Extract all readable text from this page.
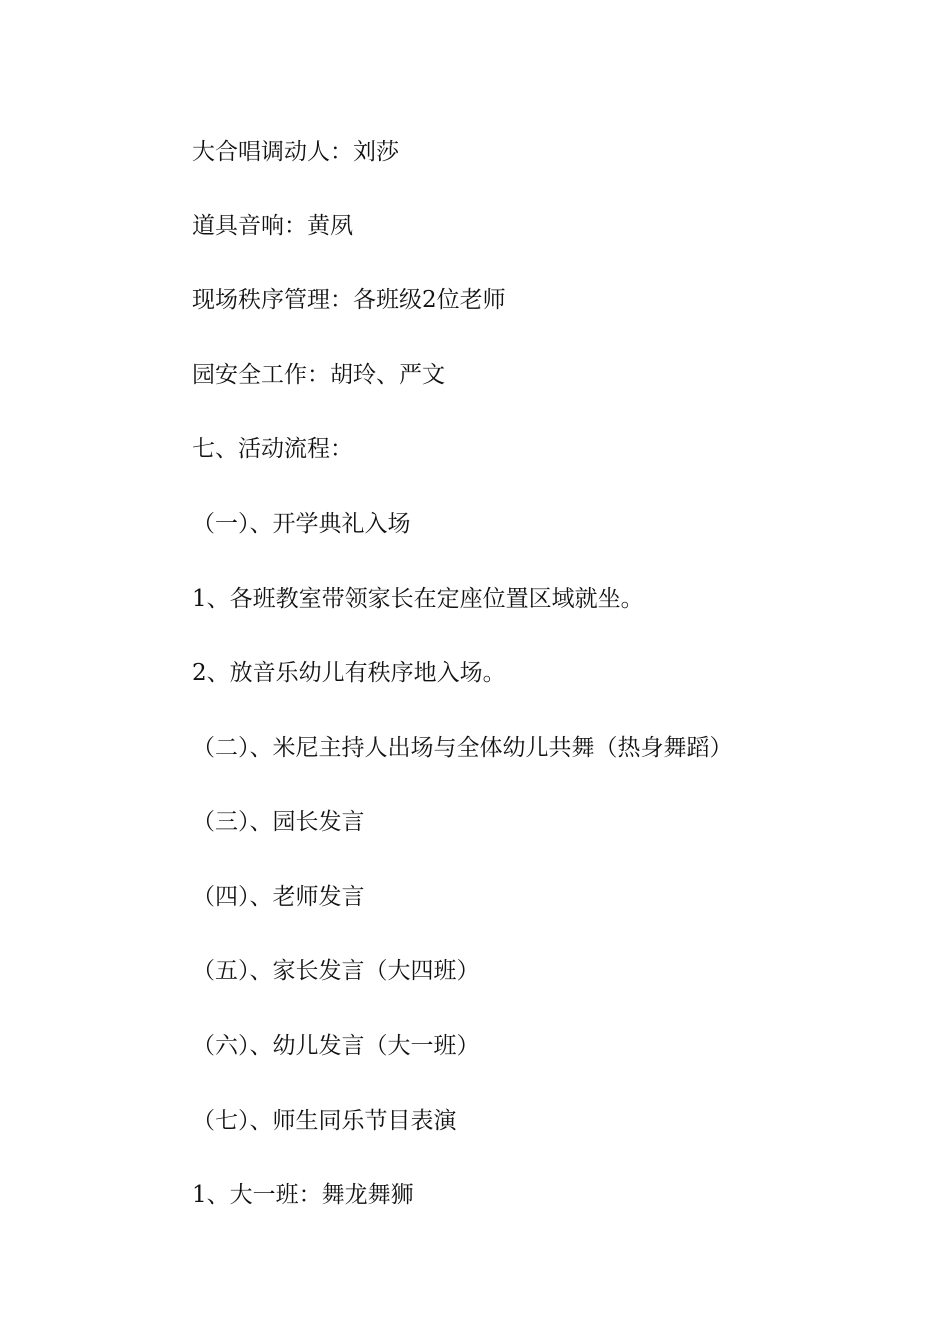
大合唱调动人：刘莎
道具音响：黄夙
现场秩序管理：各班级2位老师
园安全工作：胡玲、严文
七、活动流程：
（一）、开学典礼入场
1、各班教室带领家长在定座位置区域就坐。
2、放音乐幼儿有秩序地入场。
（二）、米尼主持人出场与全体幼儿共舞（热身舞蹈）
（三）、园长发言
（四）、老师发言
（五）、家长发言（大四班）
（六）、幼儿发言（大一班）
（七）、师生同乐节目表演
1、大一班：舞龙舞狮
